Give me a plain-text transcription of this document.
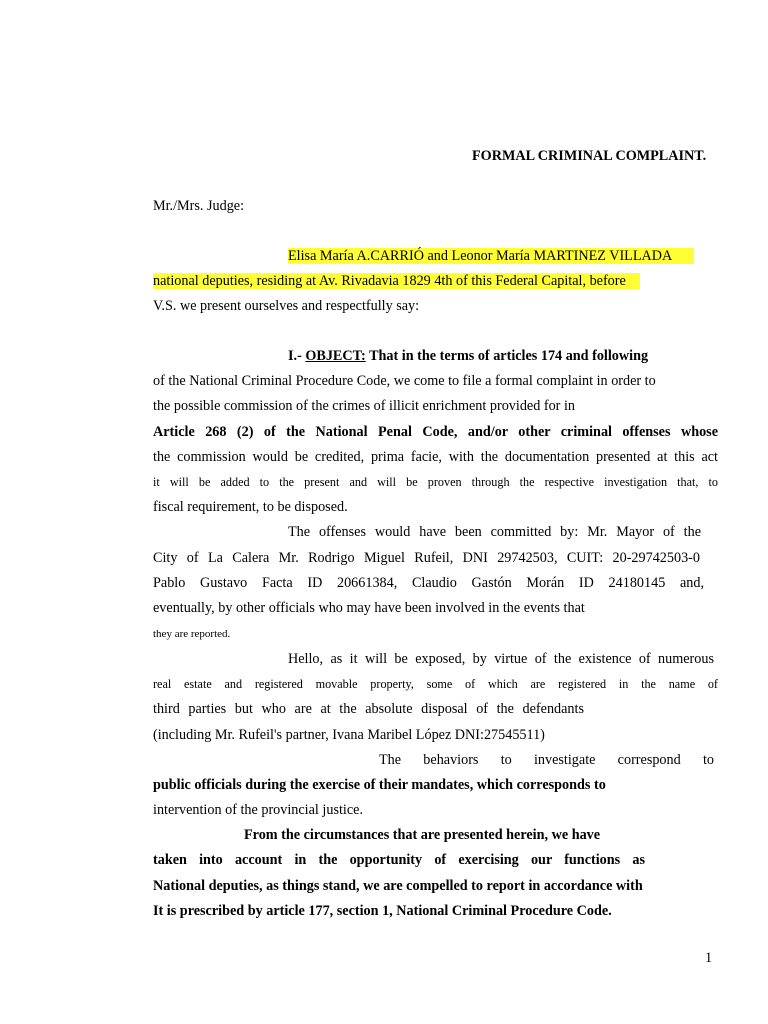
FORMAL CRIMINAL COMPLAINT.
Mr./Mrs. Judge:
Elisa María A.CARRIÓ and Leonor María MARTINEZ VILLADA
national deputies, residing at Av. Rivadavia 1829 4th of this Federal Capital, before
V.S. we present ourselves and respectfully say:
I.- OBJECT: That in the terms of articles 174 and following
of the National Criminal Procedure Code, we come to file a formal complaint in order to
the possible commission of the crimes of illicit enrichment provided for in
Article 268 (2) of the National Penal Code, and/or other criminal offenses whose
the commission would be credited, prima facie, with the documentation presented at this act
it will be added to the present and will be proven through the respective investigation that, to
fiscal requirement, to be disposed.
The offenses would have been committed by: Mr. Mayor of the
City of La Calera Mr. Rodrigo Miguel Rufeil, DNI 29742503, CUIT: 20-29742503-0
Pablo Gustavo Facta ID 20661384, Claudio Gastón Morán ID 24180145 and,
eventually, by other officials who may have been involved in the events that
they are reported.
Hello, as it will be exposed, by virtue of the existence of numerous
real estate and registered movable property, some of which are registered in the name of
third parties but who are at the absolute disposal of the defendants
(including Mr. Rufeil's partner, Ivana Maribel López DNI:27545511)
The behaviors to investigate correspond to
public officials during the exercise of their mandates, which corresponds to
intervention of the provincial justice.
From the circumstances that are presented herein, we have
taken into account in the opportunity of exercising our functions as
National deputies, as things stand, we are compelled to report in accordance with
It is prescribed by article 177, section 1, National Criminal Procedure Code.
1
